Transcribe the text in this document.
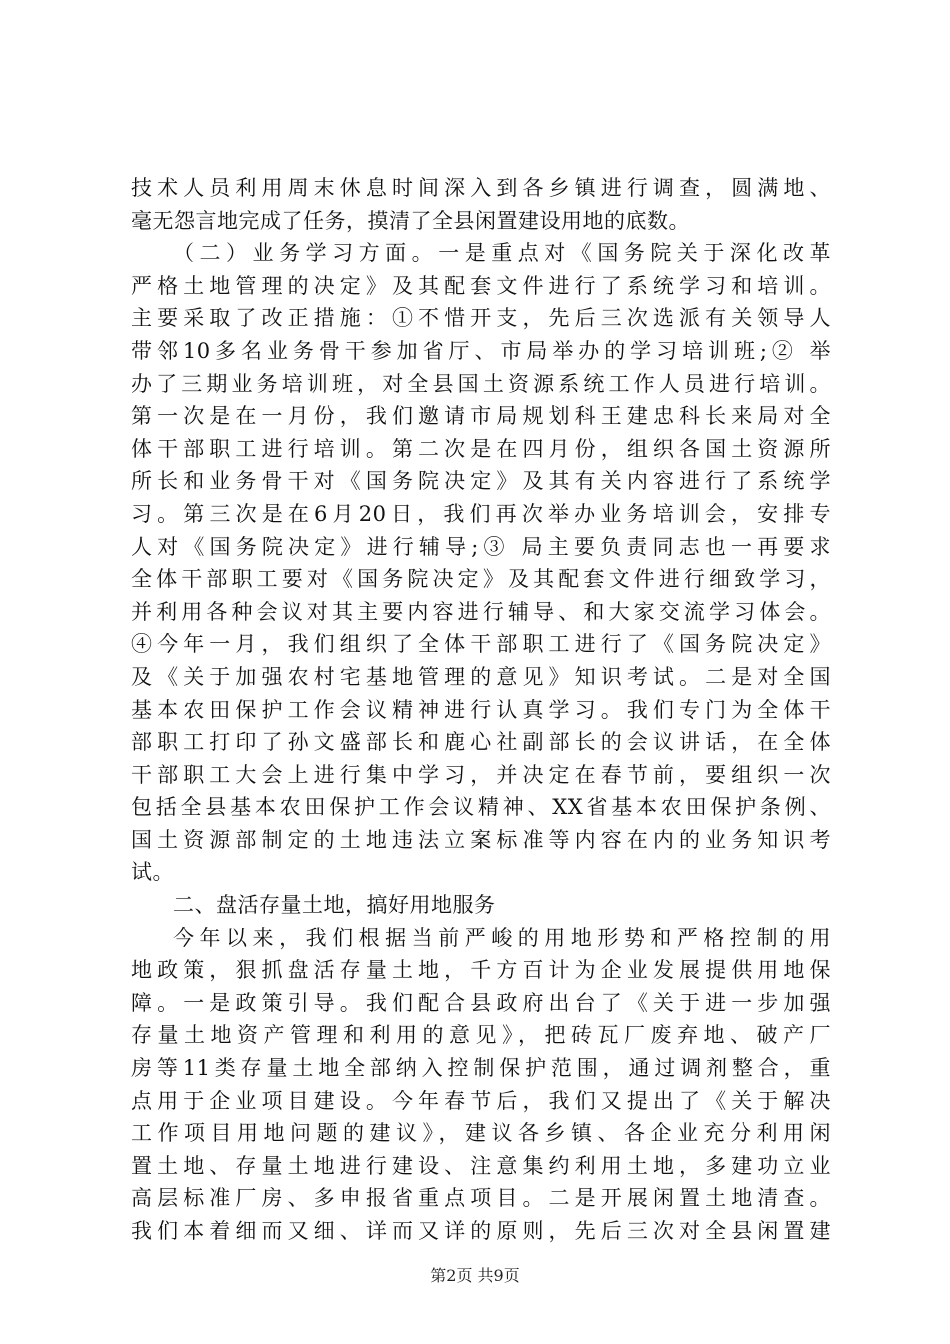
技术人员利用周末休息时间深入到各乡镇进行调查，圆满地、
毫无怨言地完成了任务，摸清了全县闲置建设用地的底数。
（二）业务学习方面。一是重点对《国务院关于深化改革
严格土地管理的决定》及其配套文件进行了系统学习和培训。
主要采取了改正措施：①不惜开支，先后三次选派有关领导人
带邻10多名业务骨干参加省厅、市局举办的学习培训班;② 举
办了三期业务培训班，对全县国土资源系统工作人员进行培训。
第一次是在一月份，我们邀请市局规划科王建忠科长来局对全
体干部职工进行培训。第二次是在四月份，组织各国土资源所
所长和业务骨干对《国务院决定》及其有关内容进行了系统学
习。第三次是在6月20日，我们再次举办业务培训会，安排专
人对《国务院决定》进行辅导;③ 局主要负责同志也一再要求
全体干部职工要对《国务院决定》及其配套文件进行细致学习，
并利用各种会议对其主要内容进行辅导、和大家交流学习体会。
④今年一月，我们组织了全体干部职工进行了《国务院决定》
及《关于加强农村宅基地管理的意见》知识考试。二是对全国
基本农田保护工作会议精神进行认真学习。我们专门为全体干
部职工打印了孙文盛部长和鹿心社副部长的会议讲话，在全体
干部职工大会上进行集中学习，并决定在春节前，要组织一次
包括全县基本农田保护工作会议精神、XX省基本农田保护条例、
国土资源部制定的土地违法立案标准等内容在内的业务知识考
试。
二、盘活存量土地，搞好用地服务
今年以来，我们根据当前严峻的用地形势和严格控制的用
地政策，狠抓盘活存量土地，千方百计为企业发展提供用地保
障。一是政策引导。我们配合县政府出台了《关于进一步加强
存量土地资产管理和利用的意见》，把砖瓦厂废弃地、破产厂
房等11类存量土地全部纳入控制保护范围，通过调剂整合，重
点用于企业项目建设。今年春节后，我们又提出了《关于解决
工作项目用地问题的建议》，建议各乡镇、各企业充分利用闲
置土地、存量土地进行建设、注意集约利用土地，多建功立业
高层标准厂房、多申报省重点项目。二是开展闲置土地清查。
我们本着细而又细、详而又详的原则，先后三次对全县闲置建
第2页 共9页
